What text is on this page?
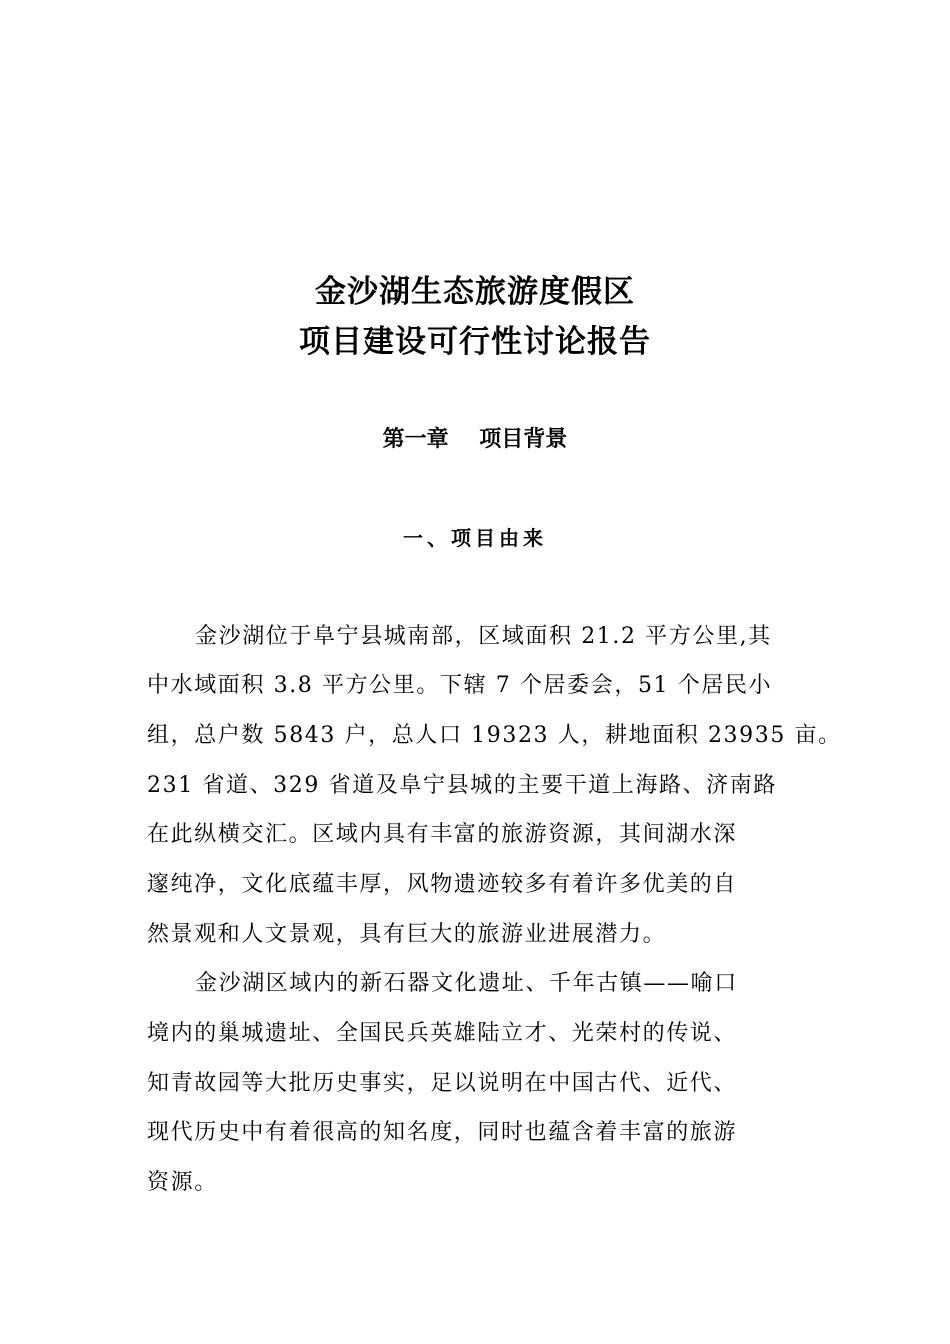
金沙湖生态旅游度假区
项目建设可行性讨论报告
第一章    项目背景
一、项目由来
金沙湖位于阜宁县城南部，区域面积 21.2 平方公里,其
中水域面积 3.8 平方公里。下辖 7 个居委会，51 个居民小
组，总户数 5843 户，总人口 19323 人，耕地面积 23935 亩。
231 省道、329 省道及阜宁县城的主要干道上海路、济南路
在此纵横交汇。区域内具有丰富的旅游资源，其间湖水深
邃纯净，文化底蕴丰厚，风物遗迹较多有着许多优美的自
然景观和人文景观，具有巨大的旅游业进展潜力。
金沙湖区域内的新石器文化遗址、千年古镇——喻口
境内的巢城遗址、全国民兵英雄陆立才、光荣村的传说、
知青故园等大批历史事实，足以说明在中国古代、近代、
现代历史中有着很高的知名度，同时也蕴含着丰富的旅游
资源。
